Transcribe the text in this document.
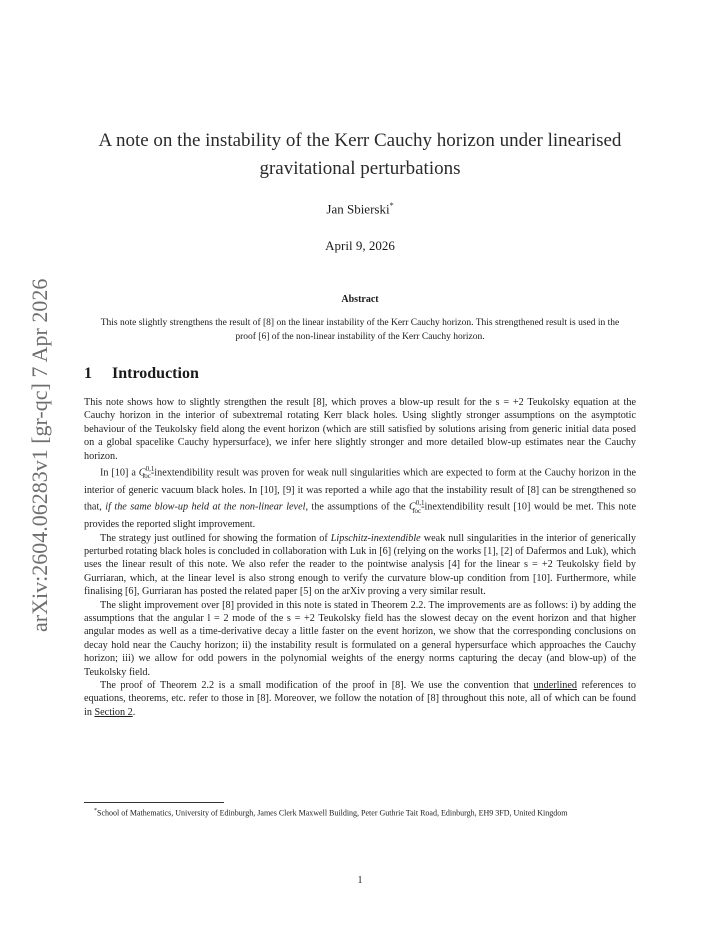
arXiv:2604.06283v1 [gr-qc] 7 Apr 2026
A note on the instability of the Kerr Cauchy horizon under linearised gravitational perturbations
Jan Sbierski*
April 9, 2026
Abstract
This note slightly strengthens the result of [8] on the linear instability of the Kerr Cauchy horizon. This strengthened result is used in the proof [6] of the non-linear instability of the Kerr Cauchy horizon.
1 Introduction

This note shows how to slightly strengthen the result [8], which proves a blow-up result for the s = +2 Teukolsky equation at the Cauchy horizon in the interior of subextremal rotating Kerr black holes. Using slightly stronger assumptions on the asymptotic behaviour of the Teukolsky field along the event horizon (which are still satisfied by solutions arising from generic initial data posed on a global spacelike Cauchy hypersurface), we infer here slightly stronger and more detailed blow-up estimates near the Cauchy horizon.

In [10] a C$^{0,1}_{loc}$-inextendibility result was proven for weak null singularities which are expected to form at the Cauchy horizon in the interior of generic vacuum black holes. In [10], [9] it was reported a while ago that the instability result of [8] can be strengthened so that, if the same blow-up held at the non-linear level, the assumptions of the C$^{0,1}_{loc}$-inextendibility result [10] would be met. This note provides the reported slight improvement.

The strategy just outlined for showing the formation of Lipschitz-inextendible weak null singularities in the interior of generically perturbed rotating black holes is concluded in collaboration with Luk in [6] (relying on the works [1], [2] of Dafermos and Luk), which uses the linear result of this note. We also refer the reader to the pointwise analysis [4] for the linear s = +2 Teukolsky field by Gurriaran, which, at the linear level is also strong enough to verify the curvature blow-up condition from [10]. Furthermore, while finalising [6], Gurriaran has posted the related paper [5] on the arXiv proving a very similar result.

The slight improvement over [8] provided in this note is stated in Theorem 2.2. The improvements are as follows: i) by adding the assumptions that the angular l = 2 mode of the s = +2 Teukolsky field has the slowest decay on the event horizon and that higher angular modes as well as a time-derivative decay a little faster on the event horizon, we show that the corresponding conclusions on decay hold near the Cauchy horizon; ii) the instability result is formulated on a general hypersurface which approaches the Cauchy horizon; iii) we allow for odd powers in the polynomial weights of the energy norms capturing the decay (and blow-up) of the Teukolsky field.

The proof of Theorem 2.2 is a small modification of the proof in [8]. We use the convention that underlined references to equations, theorems, etc. refer to those in [8]. Moreover, we follow the notation of [8] throughout this note, all of which can be found in Section 2.

*School of Mathematics, University of Edinburgh, James Clerk Maxwell Building, Peter Guthrie Tait Road, Edinburgh, EH9 3FD, United Kingdom
1
